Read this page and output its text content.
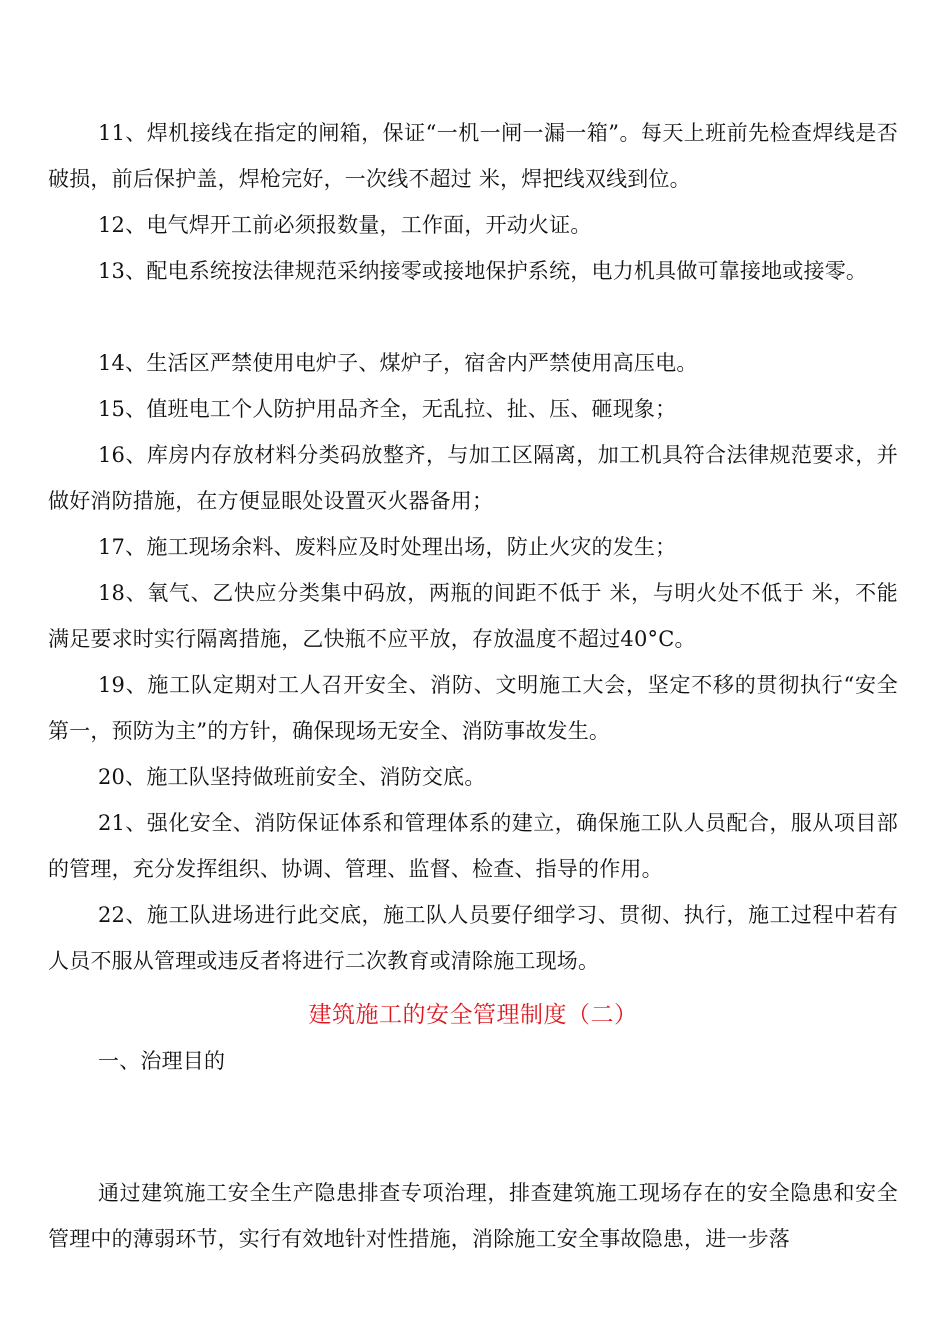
11、焊机接线在指定的闸箱，保证“一机一闸一漏一箱”。每天上班前先检查焊线是否破损，前后保护盖，焊枪完好，一次线不超过 米，焊把线双线到位。

12、电气焊开工前必须报数量，工作面，开动火证。

13、配电系统按法律规范采纳接零或接地保护系统，电力机具做可靠接地或接零。

14、生活区严禁使用电炉子、煤炉子，宿舍内严禁使用高压电。

15、值班电工个人防护用品齐全，无乱拉、扯、压、砸现象；

16、库房内存放材料分类码放整齐，与加工区隔离，加工机具符合法律规范要求，并做好消防措施，在方便显眼处设置灭火器备用；

17、施工现场余料、废料应及时处理出场，防止火灾的发生；

18、氧气、乙快应分类集中码放，两瓶的间距不低于 米，与明火处不低于 米，不能满足要求时实行隔离措施，乙快瓶不应平放，存放温度不超过40°C。

19、施工队定期对工人召开安全、消防、文明施工大会，坚定不移的贯彻执行“安全第一，预防为主”的方针，确保现场无安全、消防事故发生。

20、施工队坚持做班前安全、消防交底。

21、强化安全、消防保证体系和管理体系的建立，确保施工队人员配合，服从项目部的管理，充分发挥组织、协调、管理、监督、检查、指导的作用。

22、施工队进场进行此交底，施工队人员要仔细学习、贯彻、执行，施工过程中若有人员不服从管理或违反者将进行二次教育或清除施工现场。

建筑施工的安全管理制度（二）

一、治理目的

通过建筑施工安全生产隐患排查专项治理，排查建筑施工现场存在的安全隐患和安全管理中的薄弱环节，实行有效地针对性措施，消除施工安全事故隐患，进一步落
